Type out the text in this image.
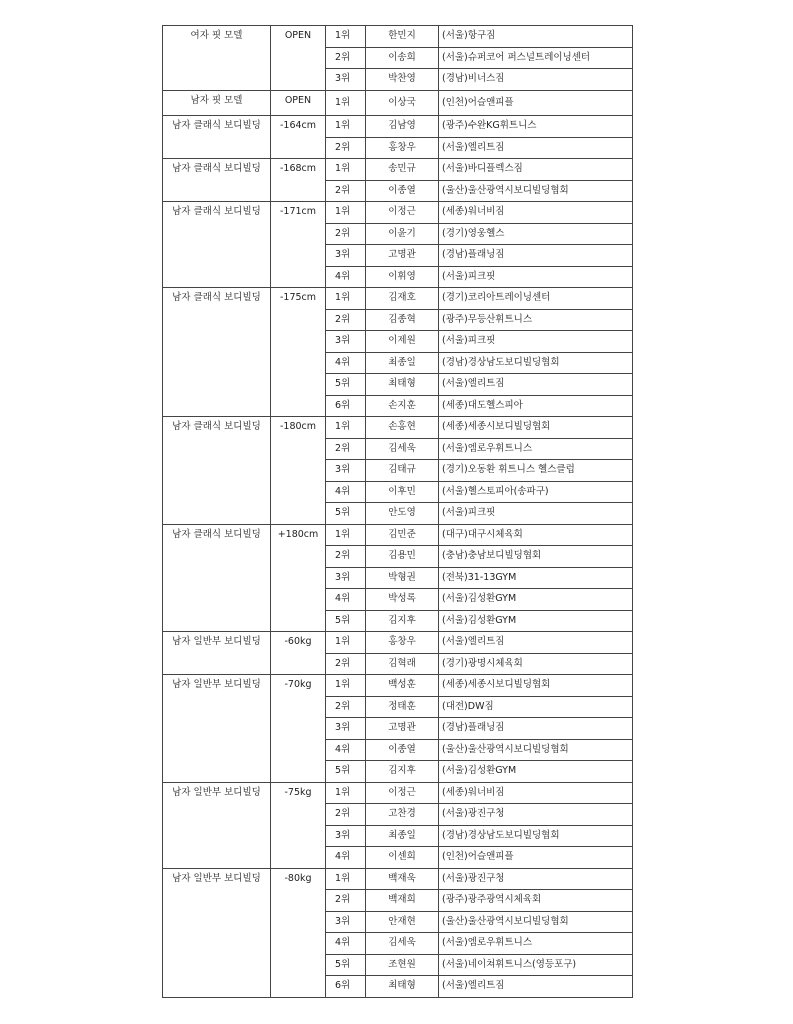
여자 핏 모델	OPEN	1위	한민지	(서울)항구짐
		2위	이송희	(서울)슈퍼코어 퍼스널트레이닝센터
		3위	박찬영	(경남)비너스짐
남자 핏 모델	OPEN	1위	이상국	(인천)어슬앤피플
남자 클래식 보디빌딩	-164cm	1위	김남영	(광주)수완KG휘트니스
		2위	홍창우	(서울)엘리트짐
남자 클래식 보디빌딩	-168cm	1위	송민규	(서울)바디플렉스짐
		2위	이종열	(울산)울산광역시보디빌딩협회
남자 클래식 보디빌딩	-171cm	1위	이정근	(세종)워너비짐
		2위	이윤기	(경기)영웅헬스
		3위	고명관	(경남)플래닝짐
		4위	이휘영	(서울)피크핏
남자 클래식 보디빌딩	-175cm	1위	김재호	(경기)코리아트레이닝센터
		2위	김종혁	(광주)무등산휘트니스
		3위	이제원	(서울)피크핏
		4위	최종일	(경남)경상남도보디빌딩협회
		5위	최태형	(서울)엘리트짐
		6위	손지훈	(세종)대도헬스피아
남자 클래식 보디빌딩	-180cm	1위	손홍현	(세종)세종시보디빌딩협회
		2위	김세욱	(서울)엠로우휘트니스
		3위	김태규	(경기)오동환 휘트니스 헬스클럽
		4위	이후민	(서울)헬스토피아(송파구)
		5위	안도영	(서울)피크핏
남자 클래식 보디빌딩	+180cm	1위	김민준	(대구)대구시체육회
		2위	김용민	(충남)충남보디빌딩협회
		3위	박형권	(전북)31-13GYM
		4위	박성록	(서울)김성환GYM
		5위	김지후	(서울)김성환GYM
남자 일반부 보디빌딩	-60kg	1위	홍창우	(서울)엘리트짐
		2위	김혁래	(경기)광명시체육회
남자 일반부 보디빌딩	-70kg	1위	백성훈	(세종)세종시보디빌딩협회
		2위	정태훈	(대전)DW짐
		3위	고명관	(경남)플래닝짐
		4위	이종열	(울산)울산광역시보디빌딩협회
		5위	김지후	(서울)김성환GYM
남자 일반부 보디빌딩	-75kg	1위	이정근	(세종)워너비짐
		2위	고찬경	(서울)광진구청
		3위	최종일	(경남)경상남도보디빌딩협회
		4위	이센희	(인천)어슬앤피플
남자 일반부 보디빌딩	-80kg	1위	백재욱	(서울)광진구청
		2위	백재희	(광주)광주광역시체육회
		3위	안재현	(울산)울산광역시보디빌딩협회
		4위	김세욱	(서울)엠로우휘트니스
		5위	조현원	(서울)네이쳐휘트니스(영등포구)
		6위	최태형	(서울)엘리트짐
